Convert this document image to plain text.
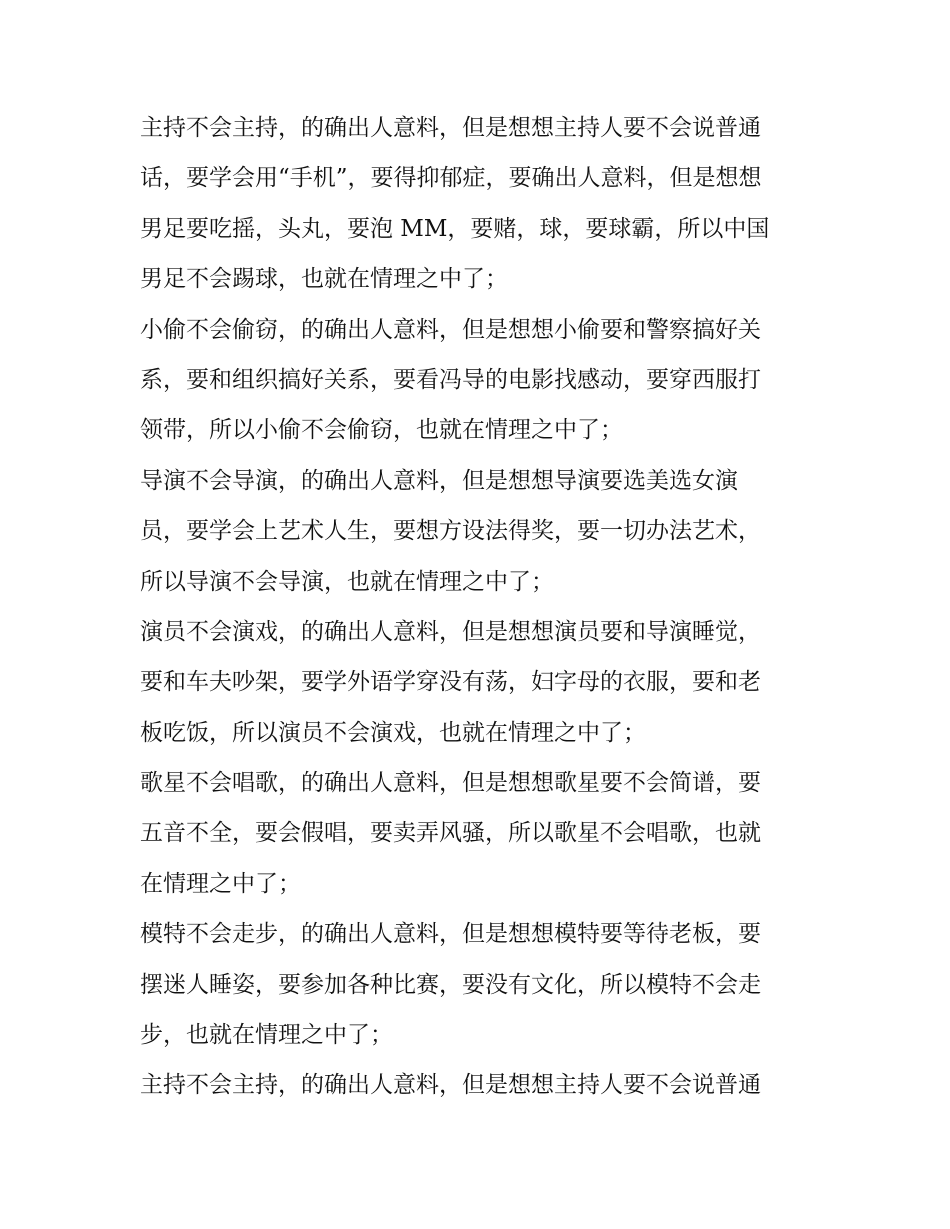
主持不会主持，的确出人意料，但是想想主持人要不会说普通
话，要学会用“手机”，要得抑郁症，要确出人意料，但是想想
男足要吃摇，头丸，要泡 MM，要赌，球，要球霸，所以中国
男足不会踢球，也就在情理之中了；
小偷不会偷窃，的确出人意料，但是想想小偷要和警察搞好关
系，要和组织搞好关系，要看冯导的电影找感动，要穿西服打
领带，所以小偷不会偷窃，也就在情理之中了；
导演不会导演，的确出人意料，但是想想导演要选美选女演
员，要学会上艺术人生，要想方设法得奖，要一切办法艺术，
所以导演不会导演，也就在情理之中了；
演员不会演戏，的确出人意料，但是想想演员要和导演睡觉，
要和车夫吵架，要学外语学穿没有荡，妇字母的衣服，要和老
板吃饭，所以演员不会演戏，也就在情理之中了；
歌星不会唱歌，的确出人意料，但是想想歌星要不会简谱，要
五音不全，要会假唱，要卖弄风骚，所以歌星不会唱歌，也就
在情理之中了；
模特不会走步，的确出人意料，但是想想模特要等待老板，要
摆迷人睡姿，要参加各种比赛，要没有文化，所以模特不会走
步，也就在情理之中了；
主持不会主持，的确出人意料，但是想想主持人要不会说普通
